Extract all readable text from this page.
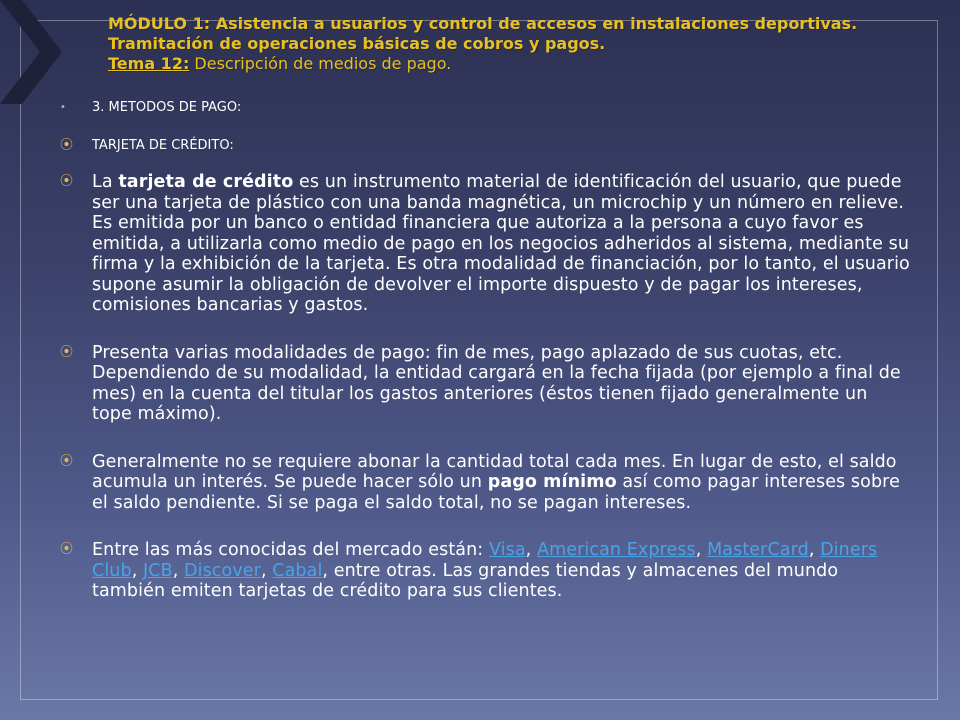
MÓDULO 1: Asistencia a usuarios y control de accesos en instalaciones deportivas.
Tramitación de operaciones básicas de cobros y pagos.
Tema 12: Descripción de medios de pago.
•	3. METODOS DE PAGO:
⦿	TARJETA DE CRÉDITO:
⦿	La tarjeta de crédito es un instrumento material de identificación del usuario, que puede ser una tarjeta de plástico con una banda magnética, un microchip y un número en relieve. Es emitida por un banco o entidad financiera que autoriza a la persona a cuyo favor es emitida, a utilizarla como medio de pago en los negocios adheridos al sistema, mediante su firma y la exhibición de la tarjeta. Es otra modalidad de financiación, por lo tanto, el usuario supone asumir la obligación de devolver el importe dispuesto y de pagar los intereses, comisiones bancarias y gastos.
⦿	Presenta varias modalidades de pago: fin de mes, pago aplazado de sus cuotas, etc. Dependiendo de su modalidad, la entidad cargará en la fecha fijada (por ejemplo a final de mes) en la cuenta del titular los gastos anteriores (éstos tienen fijado generalmente un tope máximo).
⦿	Generalmente no se requiere abonar la cantidad total cada mes. En lugar de esto, el saldo acumula un interés. Se puede hacer sólo un pago mínimo así como pagar intereses sobre el saldo pendiente. Si se paga el saldo total, no se pagan intereses.
⦿	Entre las más conocidas del mercado están: Visa, American Express, MasterCard, Diners Club, JCB, Discover, Cabal, entre otras. Las grandes tiendas y almacenes del mundo también emiten tarjetas de crédito para sus clientes.
